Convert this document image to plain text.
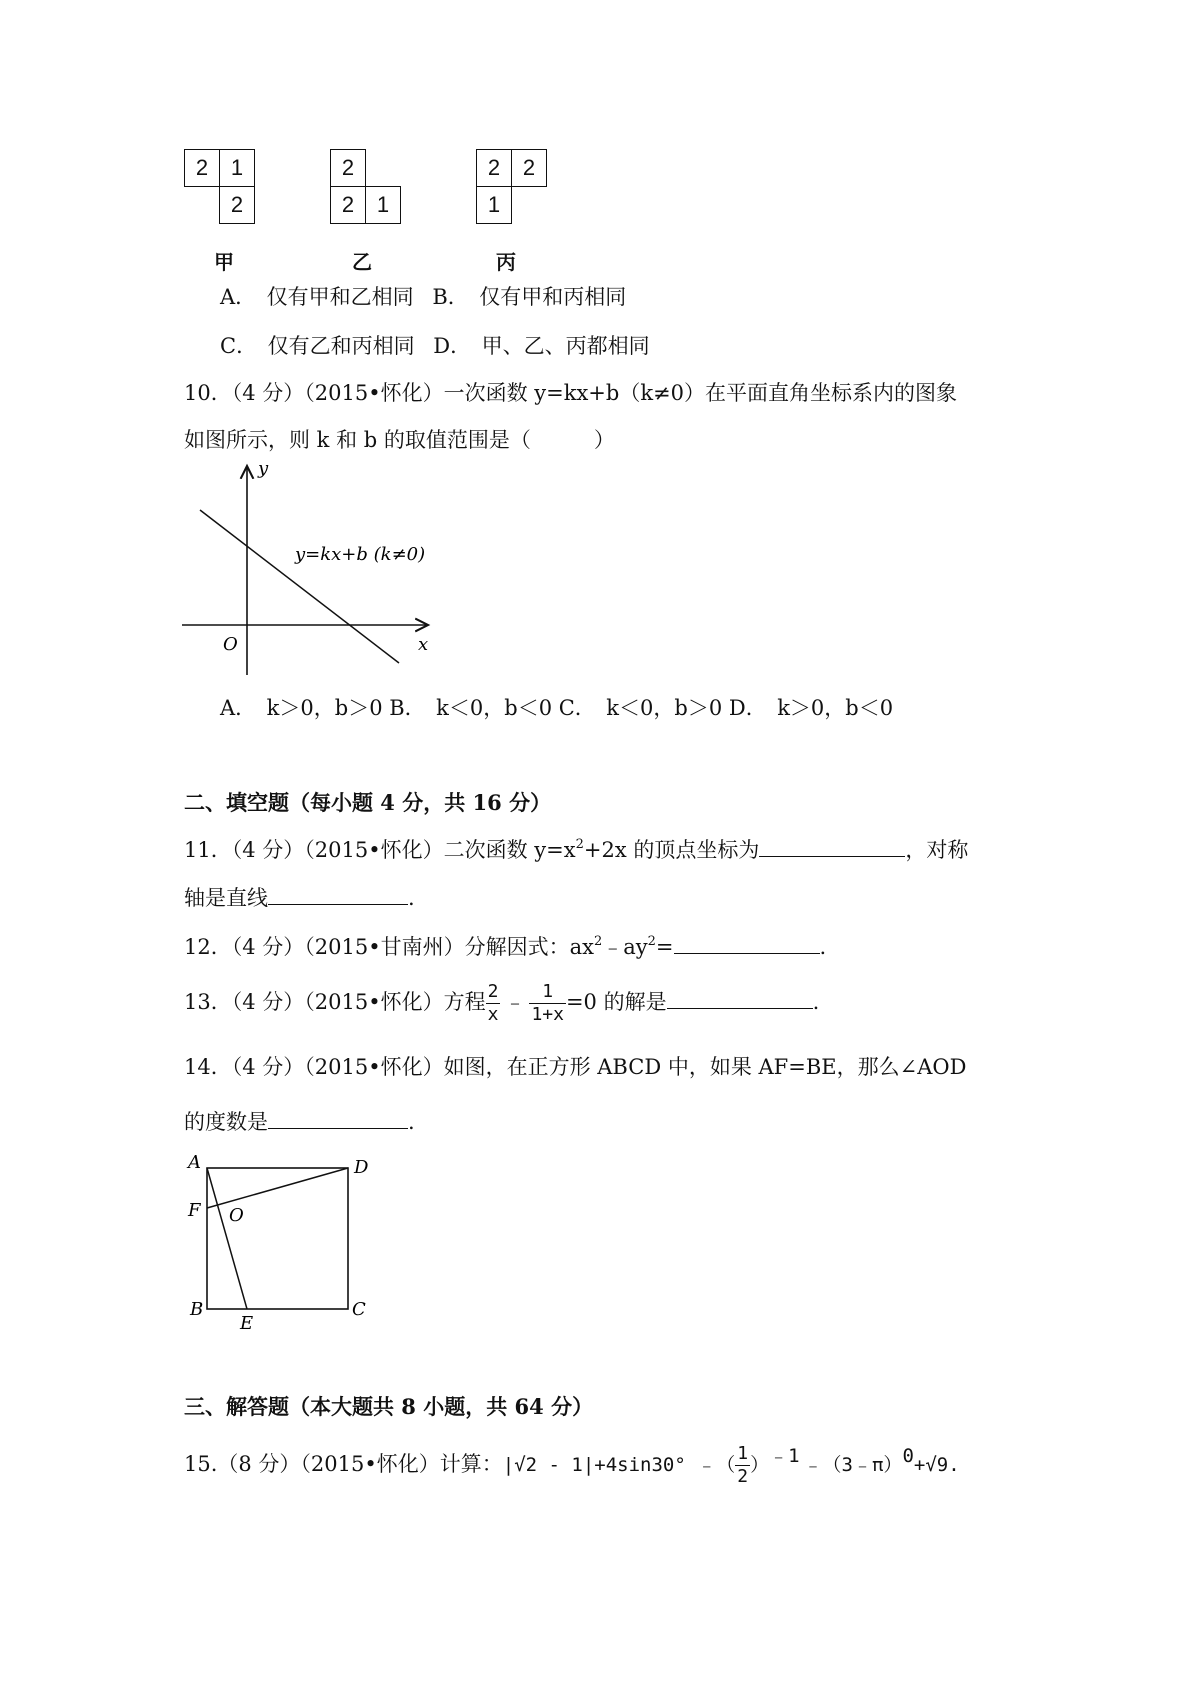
2	1
2
甲
2
2	1
乙
2	2
1
丙
A．　仅有甲和乙相同 B．　仅有甲和丙相同
C．　仅有乙和丙相同 D．　甲、乙、丙都相同
10．（4 分）（2015•怀化）一次函数 y=kx+b（k≠0）在平面直角坐标系内的图象
如图所示，则 k 和 b 的取值范围是（　　　）
y
x
O
y=kx+b (k≠0)
A．　k＞0，b＞0 B．　k＜0，b＜0 C．　k＜0，b＞0 D．　k＞0，b＜0
二、填空题（每小题 4 分，共 16 分）
11．（4 分）（2015•怀化）二次函数 $y=x^2+2x$ 的顶点坐标为	，对称
轴是直线	.
12．（4 分）（2015•甘南州）分解因式：$ax^2﹣ay^2=$	.
13．（4 分）（2015•怀化）方程 $\frac{2}{x}$ ﹣ $\frac{1}{1+x} =0$ 的解是	.
14．（4 分）（2015•怀化）如图，在正方形 ABCD 中，如果 AF=BE，那么∠AOD
的度数是	.
A	D
F O
B
E
C
三、解答题（本大题共 8 小题，共 64 分）
15.（8 分）（2015•怀化）计算：|√2 - 1|+4sin30° ﹣（ $\frac{1}{2} )^{﹣1}$ ﹣（3﹣π）$^0$+√9.
